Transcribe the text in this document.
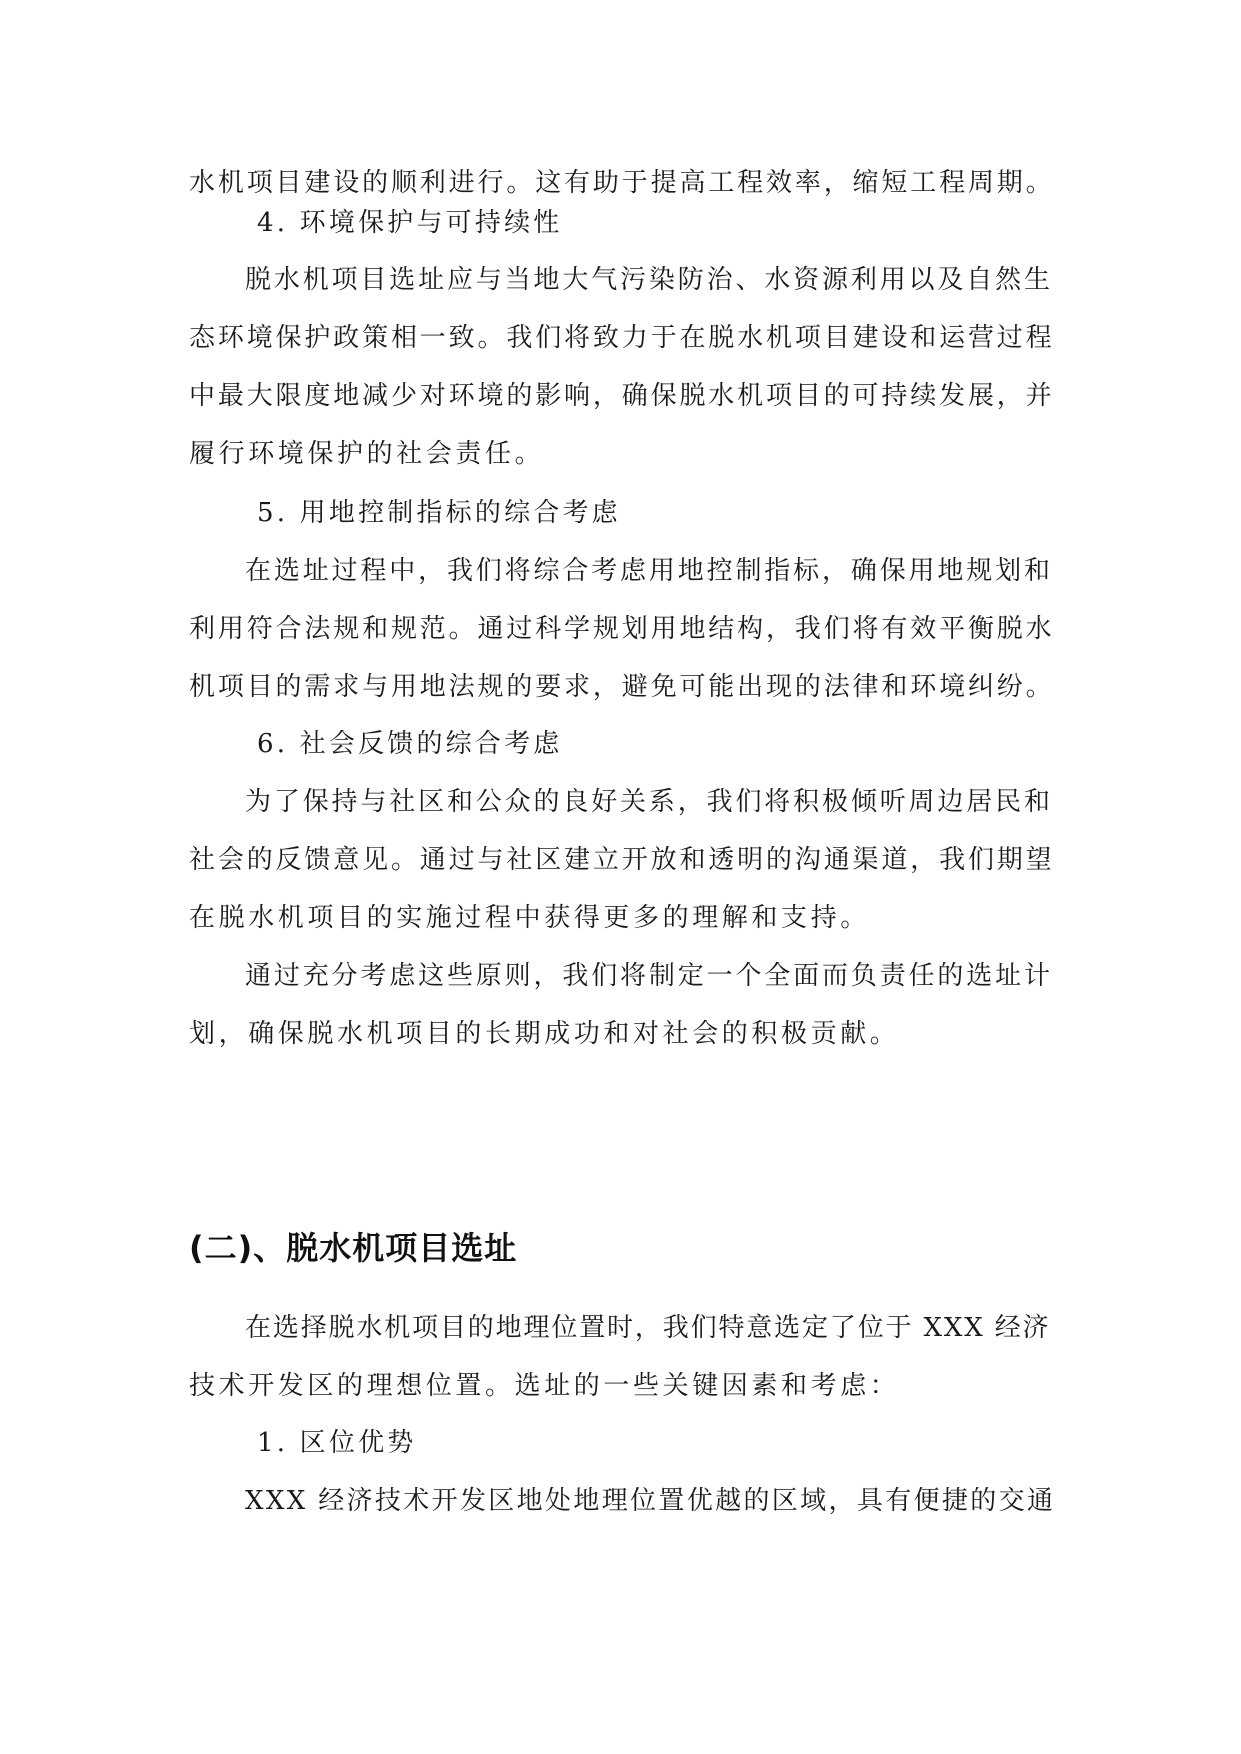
水机项目建设的顺利进行。这有助于提高工程效率，缩短工程周期。
4. 环境保护与可持续性
脱水机项目选址应与当地大气污染防治、水资源利用以及自然生
态环境保护政策相一致。我们将致力于在脱水机项目建设和运营过程
中最大限度地减少对环境的影响，确保脱水机项目的可持续发展，并
履行环境保护的社会责任。
5. 用地控制指标的综合考虑
在选址过程中，我们将综合考虑用地控制指标，确保用地规划和
利用符合法规和规范。通过科学规划用地结构，我们将有效平衡脱水
机项目的需求与用地法规的要求，避免可能出现的法律和环境纠纷。
6. 社会反馈的综合考虑
为了保持与社区和公众的良好关系，我们将积极倾听周边居民和
社会的反馈意见。通过与社区建立开放和透明的沟通渠道，我们期望
在脱水机项目的实施过程中获得更多的理解和支持。
通过充分考虑这些原则，我们将制定一个全面而负责任的选址计
划，确保脱水机项目的长期成功和对社会的积极贡献。
(二)、脱水机项目选址
在选择脱水机项目的地理位置时，我们特意选定了位于 XXX 经济
技术开发区的理想位置。选址的一些关键因素和考虑：
1. 区位优势
XXX 经济技术开发区地处地理位置优越的区域，具有便捷的交通
